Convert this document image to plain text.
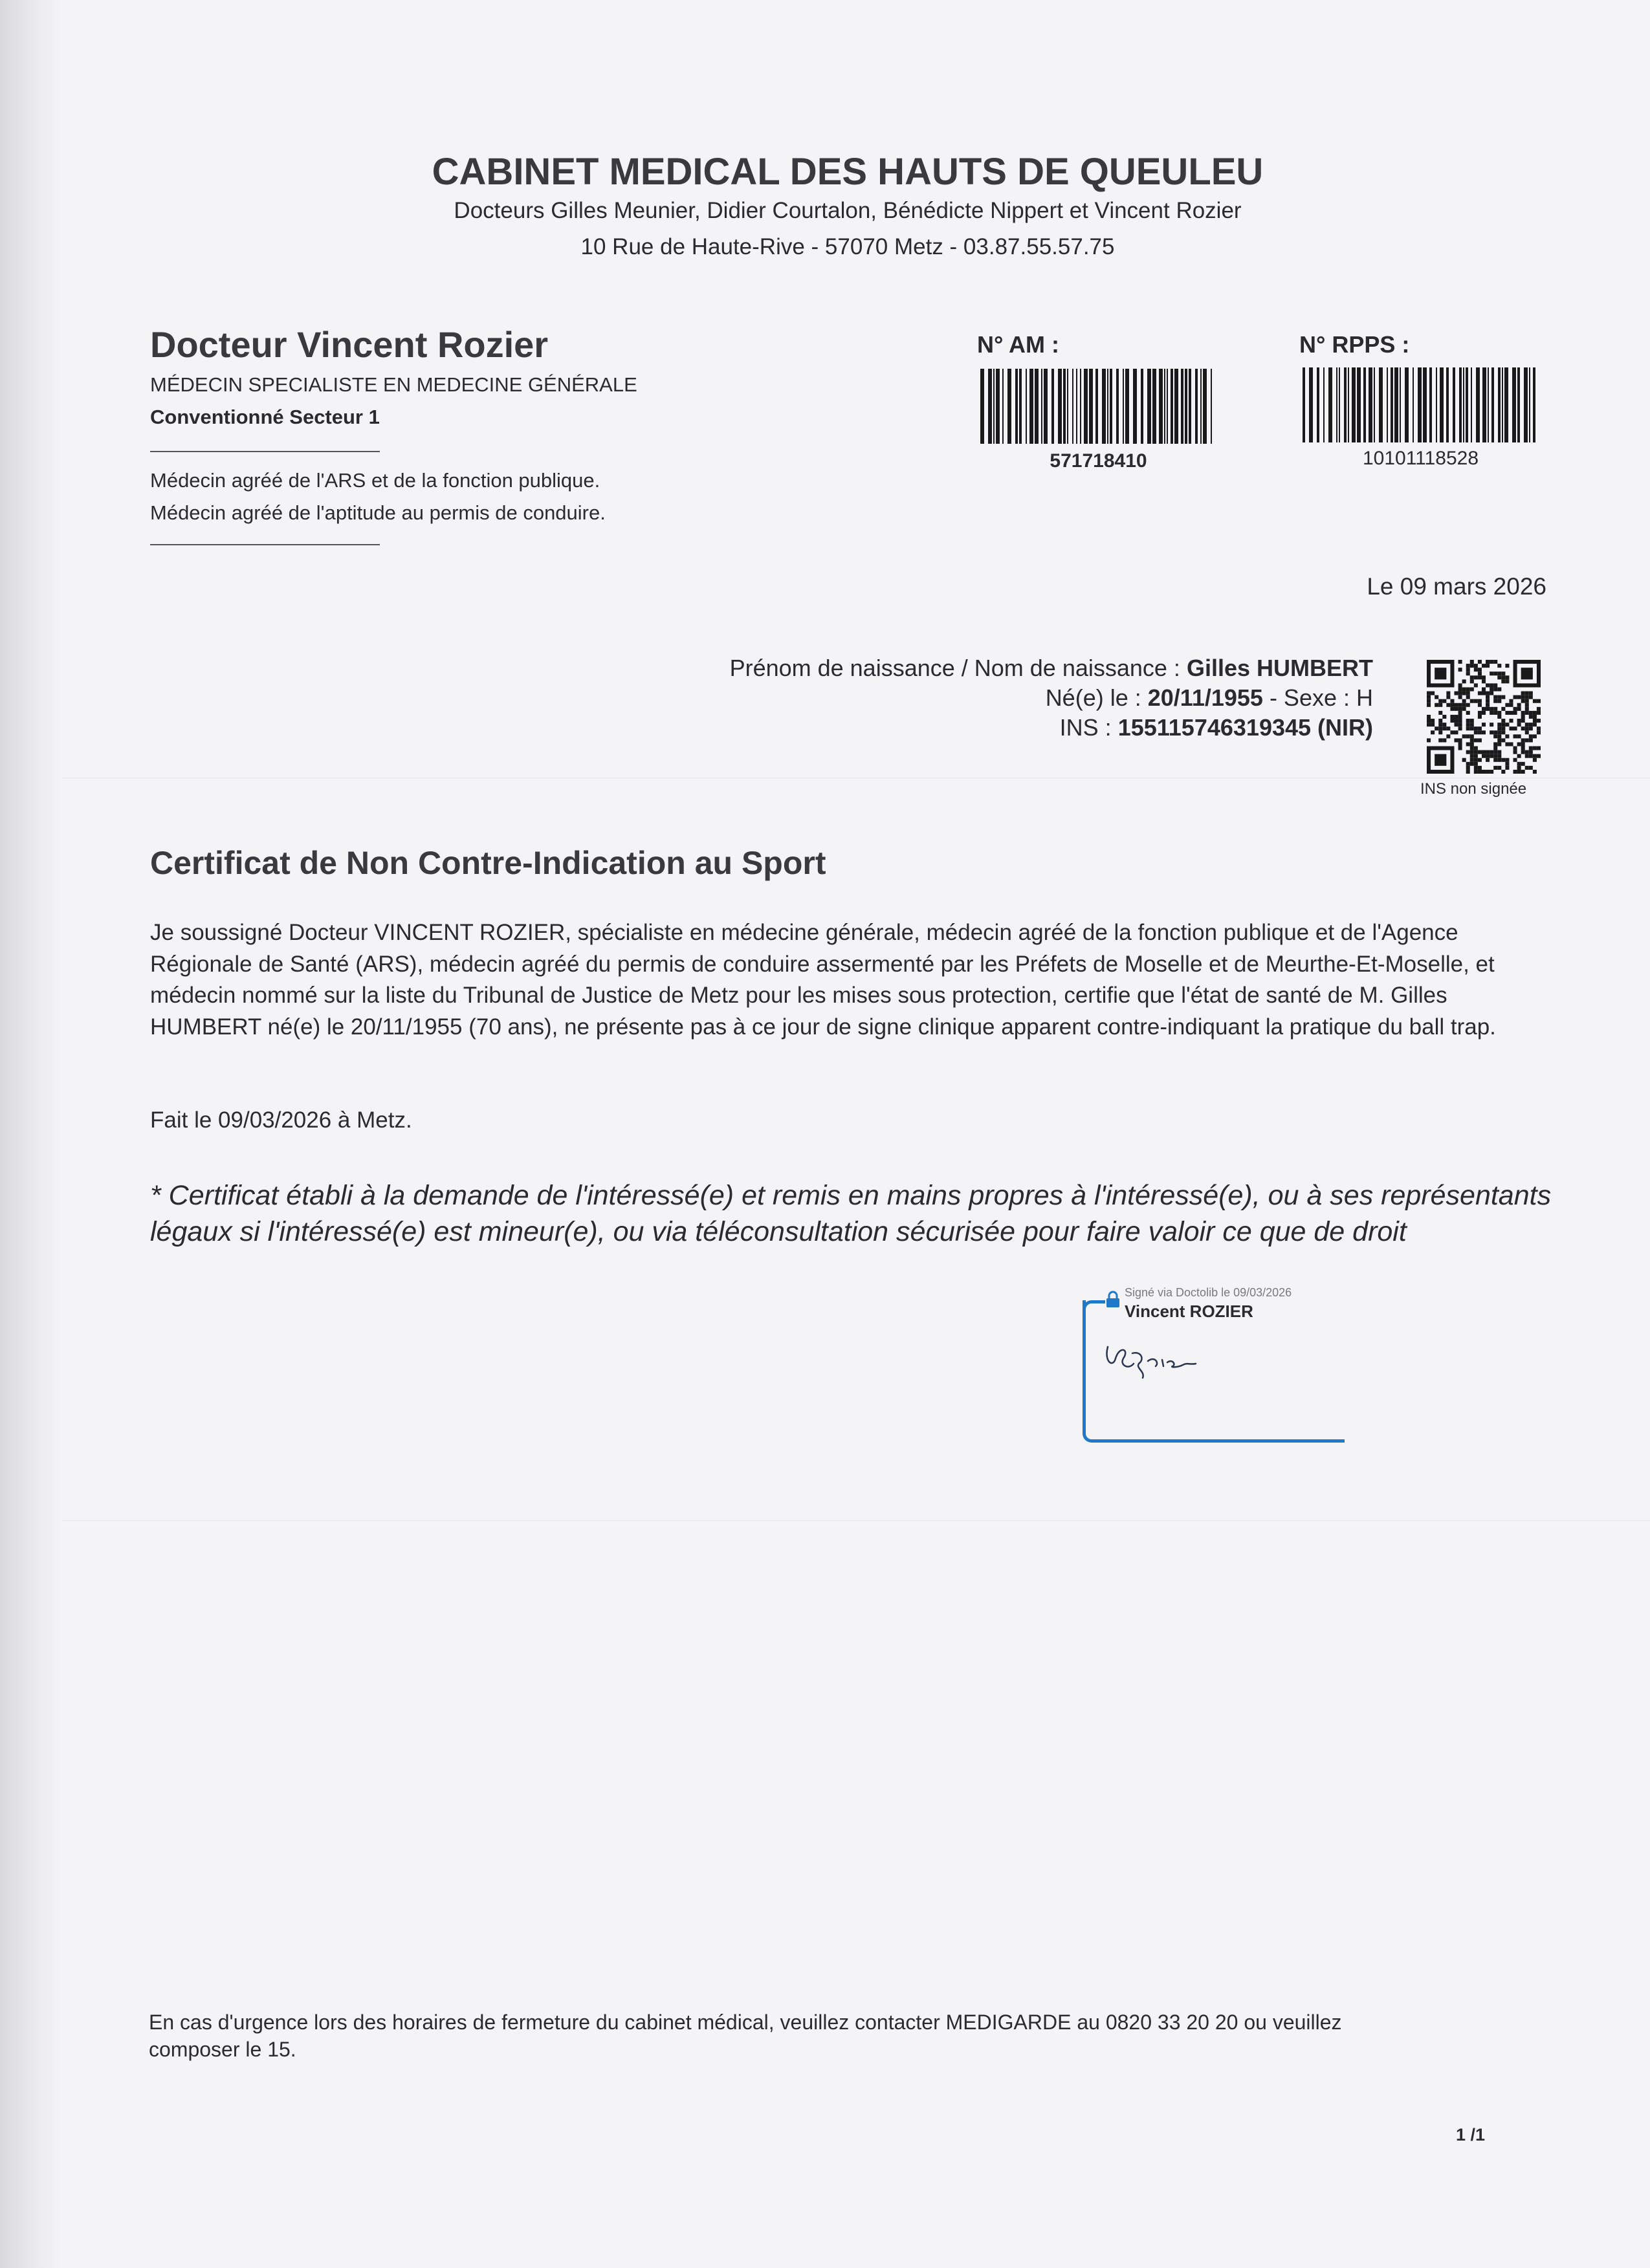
CABINET MEDICAL DES HAUTS DE QUEULEU
Docteurs Gilles Meunier, Didier Courtalon, Bénédicte Nippert et Vincent Rozier
10 Rue de Haute-Rive - 57070 Metz - 03.87.55.57.75
Docteur Vincent Rozier
MÉDECIN SPECIALISTE EN MEDECINE GÉNÉRALE
Conventionné Secteur 1
Médecin agréé de l'ARS et de la fonction publique.
Médecin agréé de l'aptitude au permis de conduire.
N° AM :
571718410
N° RPPS :
10101118528
Le 09 mars 2026
Prénom de naissance / Nom de naissance : Gilles HUMBERT
Né(e) le : 20/11/1955 - Sexe : H
INS : 155115746319345 (NIR)
INS non signée
Certificat de Non Contre-Indication au Sport
Je soussigné Docteur VINCENT ROZIER, spécialiste en médecine générale, médecin agréé de la fonction publique et de l'Agence Régionale de Santé (ARS), médecin agréé du permis de conduire assermenté par les Préfets de Moselle et de Meurthe-Et-Moselle, et médecin nommé sur la liste du Tribunal de Justice de Metz pour les mises sous protection, certifie que l'état de santé de M. Gilles HUMBERT né(e) le 20/11/1955 (70 ans), ne présente pas à ce jour de signe clinique apparent contre-indiquant la pratique du ball trap.
Fait le 09/03/2026 à Metz.
* Certificat établi à la demande de l'intéressé(e) et remis en mains propres à l'intéressé(e), ou à ses représentants légaux si l'intéressé(e) est mineur(e), ou via téléconsultation sécurisée pour faire valoir ce que de droit
Signé via Doctolib le 09/03/2026
Vincent ROZIER
En cas d'urgence lors des horaires de fermeture du cabinet médical, veuillez contacter MEDIGARDE au 0820 33 20 20 ou veuillez composer le 15.
1 /1
